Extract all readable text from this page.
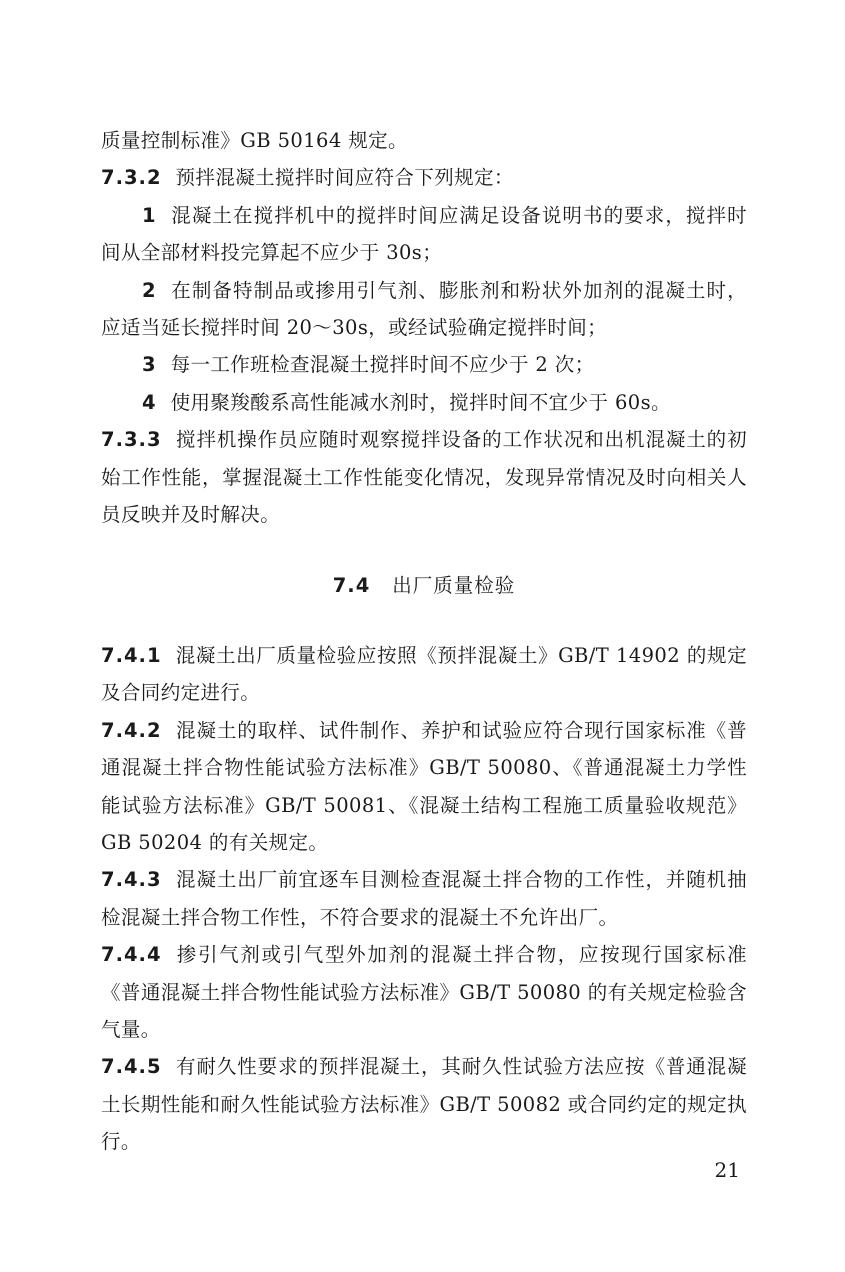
质量控制标准》GB 50164 规定。

7.3.2 预拌混凝土搅拌时间应符合下列规定：

1 混凝土在搅拌机中的搅拌时间应满足设备说明书的要求，搅拌时间从全部材料投完算起不应少于 30s；

2 在制备特制品或掺用引气剂、膨胀剂和粉状外加剂的混凝土时，应适当延长搅拌时间 20～30s，或经试验确定搅拌时间；

3 每一工作班检查混凝土搅拌时间不应少于 2 次；

4 使用聚羧酸系高性能减水剂时，搅拌时间不宜少于 60s。

7.3.3 搅拌机操作员应随时观察搅拌设备的工作状况和出机混凝土的初始工作性能，掌握混凝土工作性能变化情况，发现异常情况及时向相关人员反映并及时解决。

7.4 出厂质量检验

7.4.1 混凝土出厂质量检验应按照《预拌混凝土》GB/T 14902 的规定及合同约定进行。

7.4.2 混凝土的取样、试件制作、养护和试验应符合现行国家标准《普通混凝土拌合物性能试验方法标准》GB/T 50080、《普通混凝土力学性能试验方法标准》GB/T 50081、《混凝土结构工程施工质量验收规范》GB 50204 的有关规定。

7.4.3 混凝土出厂前宜逐车目测检查混凝土拌合物的工作性，并随机抽检混凝土拌合物工作性，不符合要求的混凝土不允许出厂。

7.4.4 掺引气剂或引气型外加剂的混凝土拌合物，应按现行国家标准《普通混凝土拌合物性能试验方法标准》GB/T 50080 的有关规定检验含气量。

7.4.5 有耐久性要求的预拌混凝土，其耐久性试验方法应按《普通混凝土长期性能和耐久性能试验方法标准》GB/T 50082 或合同约定的规定执行。

21
